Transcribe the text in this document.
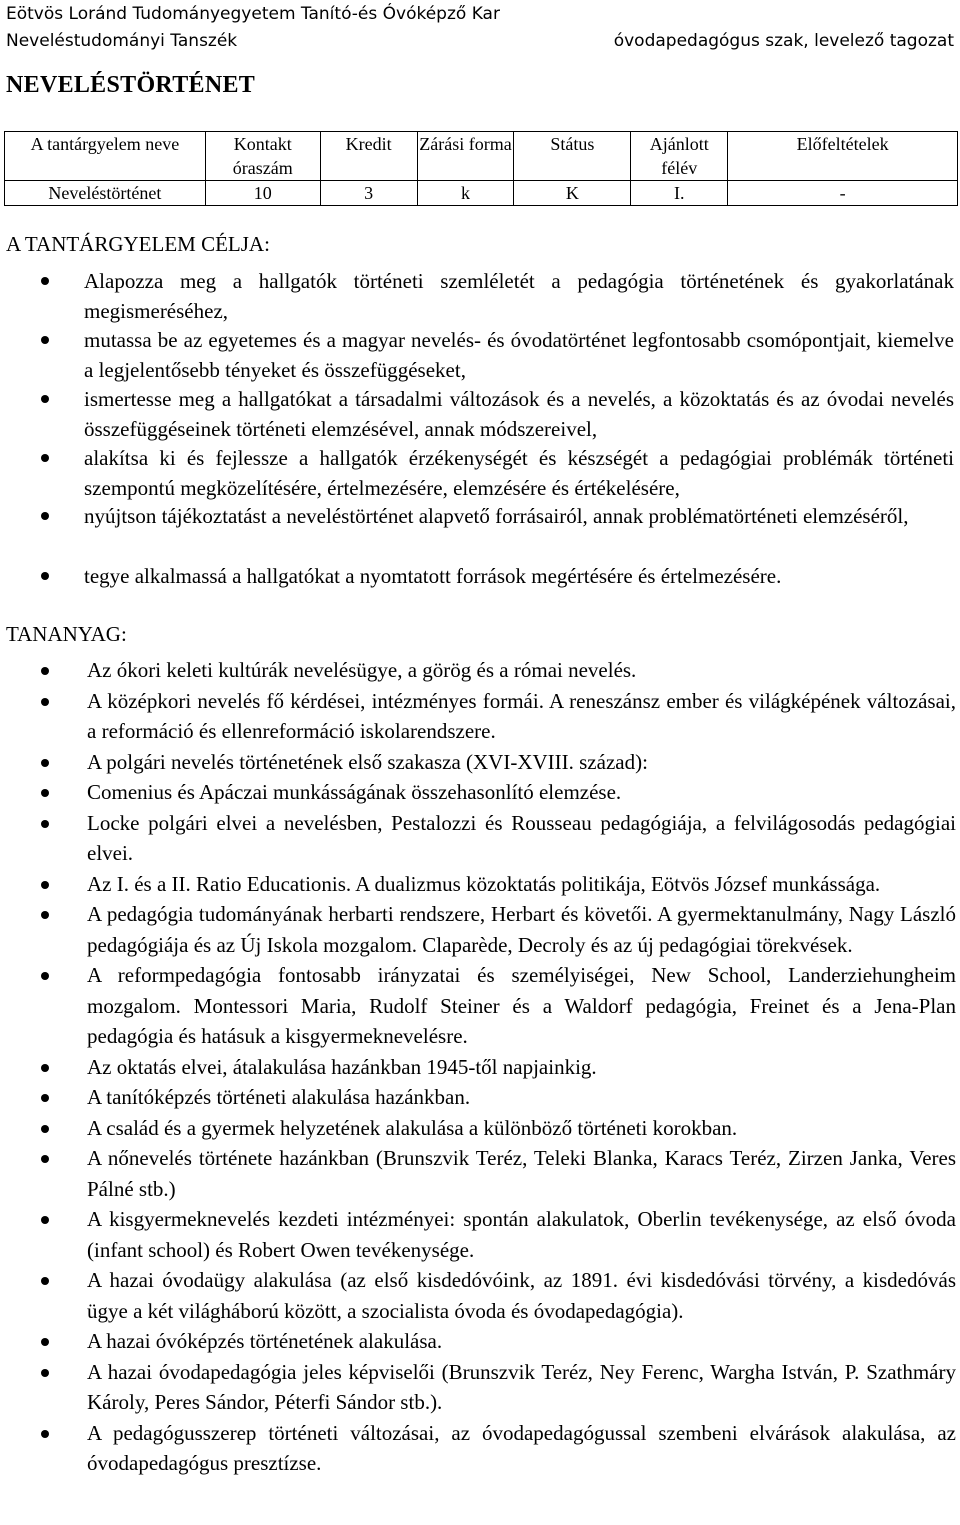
Eötvös Loránd Tudományegyetem Tanító-és Óvóképző Kar
Neveléstudományi Tanszék	óvodapedagógus szak, levelező tagozat
NEVELÉSTÖRTÉNET
A tantárgyelem neve	Kontakt óraszám	Kredit	Zárási forma	Státus	Ajánlott félév	Előfeltételek
Neveléstörténet	10	3	k	K	I.	-
A TANTÁRGYELEM CÉLJA:
Alapozza meg a hallgatók történeti szemléletét a pedagógia történetének és gyakorlatának megismeréséhez,
mutassa be az egyetemes és a magyar nevelés- és óvodatörténet legfontosabb csomópontjait, kiemelve a legjelentősebb tényeket és összefüggéseket,
ismertesse meg a hallgatókat a társadalmi változások és a nevelés, a közoktatás és az óvodai nevelés összefüggéseinek történeti elemzésével, annak módszereivel,
alakítsa ki és fejlessze a hallgatók érzékenységét és készségét a pedagógiai problémák történeti szempontú megközelítésére, értelmezésére, elemzésére és értékelésére,
nyújtson tájékoztatást a neveléstörténet alapvető forrásairól, annak problématörténeti elemzéséről,
tegye alkalmassá a hallgatókat a nyomtatott források megértésére és értelmezésére.
TANANYAG:
Az ókori keleti kultúrák nevelésügye, a görög és a római nevelés.
A középkori nevelés fő kérdései, intézményes formái. A reneszánsz ember és világképének változásai, a reformáció és ellenreformáció iskolarendszere.
A polgári nevelés történetének első szakasza (XVI-XVIII. század):
Comenius és Apáczai munkásságának összehasonlító elemzése.
Locke polgári elvei a nevelésben, Pestalozzi és Rousseau pedagógiája, a felvilágosodás pedagógiai elvei.
Az I. és a II. Ratio Educationis. A dualizmus közoktatás politikája, Eötvös József munkássága.
A pedagógia tudományának herbarti rendszere, Herbart és követői. A gyermektanulmány, Nagy László pedagógiája és az Új Iskola mozgalom. Claparède, Decroly és az új pedagógiai törekvések.
A reformpedagógia fontosabb irányzatai és személyiségei, New School, Landerziehungheim mozgalom. Montessori Maria, Rudolf Steiner és a Waldorf pedagógia, Freinet és a Jena-Plan pedagógia és hatásuk a kisgyermeknevelésre.
Az oktatás elvei, átalakulása hazánkban 1945-től napjainkig.
A tanítóképzés történeti alakulása hazánkban.
A család és a gyermek helyzetének alakulása a különböző történeti korokban.
A nőnevelés története hazánkban (Brunszvik Teréz, Teleki Blanka, Karacs Teréz, Zirzen Janka, Veres Pálné stb.)
A kisgyermeknevelés kezdeti intézményei: spontán alakulatok, Oberlin tevékenysége, az első óvoda (infant school) és Robert Owen tevékenysége.
A hazai óvodaügy alakulása (az első kisdedóvóink, az 1891. évi kisdedóvási törvény, a kisdedóvás ügye a két világháború között, a szocialista óvoda és óvodapedagógia).
A hazai óvóképzés történetének alakulása.
A hazai óvodapedagógia jeles képviselői (Brunszvik Teréz, Ney Ferenc, Wargha István, P. Szathmáry Károly, Peres Sándor, Péterfi Sándor stb.).
A pedagógusszerep történeti változásai, az óvodapedagógussal szembeni elvárások alakulása, az óvodapedagógus presztízse.
